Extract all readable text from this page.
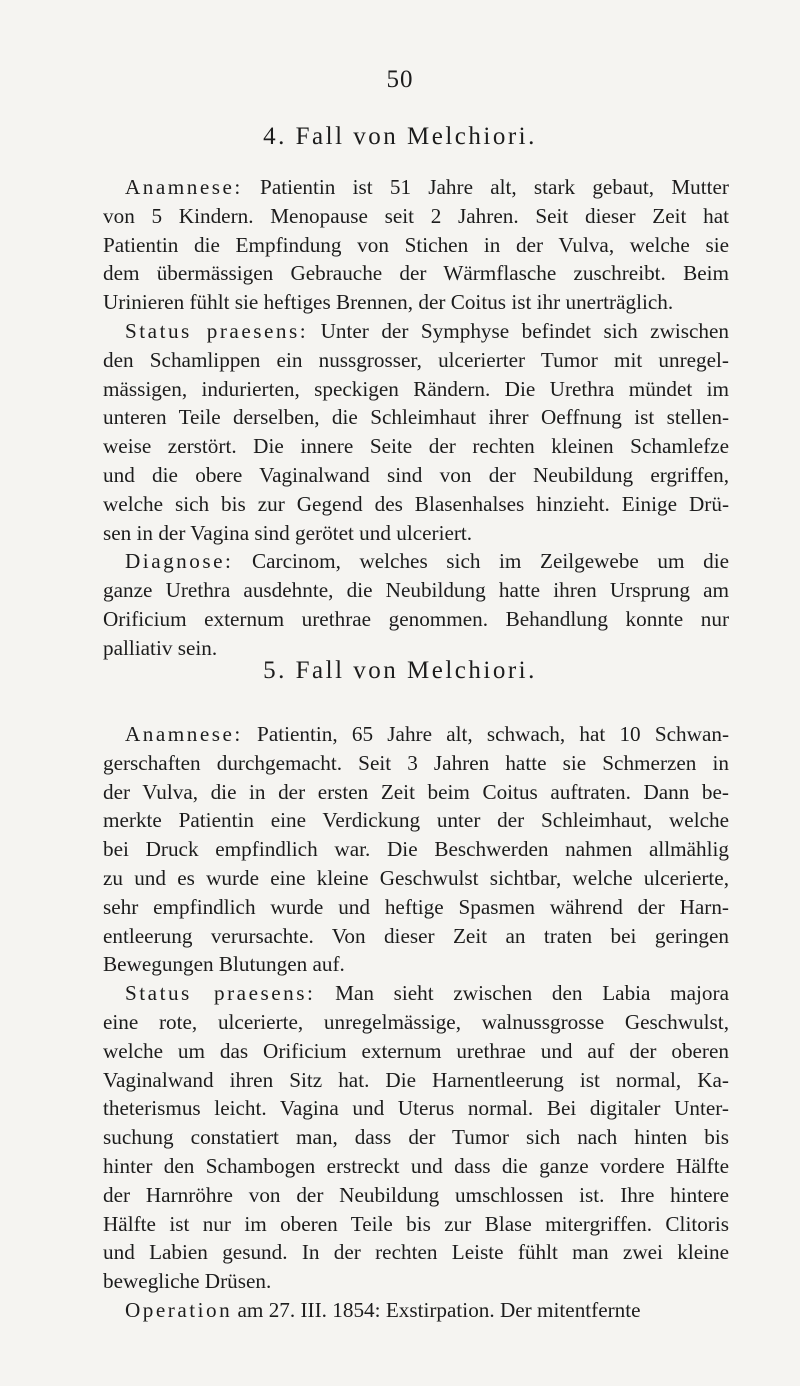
50
4. Fall von Melchiori.
Anamnese: Patientin ist 51 Jahre alt, stark gebaut, Mutter
von 5 Kindern. Menopause seit 2 Jahren. Seit dieser Zeit hat
Patientin die Empfindung von Stichen in der Vulva, welche sie
dem übermässigen Gebrauche der Wärmflasche zuschreibt. Beim
Urinieren fühlt sie heftiges Brennen, der Coitus ist ihr unerträglich.
Status praesens: Unter der Symphyse befindet sich zwischen
den Schamlippen ein nussgrosser, ulcerierter Tumor mit unregel-
mässigen, indurierten, speckigen Rändern. Die Urethra mündet im
unteren Teile derselben, die Schleimhaut ihrer Oeffnung ist stellen-
weise zerstört. Die innere Seite der rechten kleinen Schamlefze
und die obere Vaginalwand sind von der Neubildung ergriffen,
welche sich bis zur Gegend des Blasenhalses hinzieht. Einige Drü-
sen in der Vagina sind gerötet und ulceriert.
Diagnose: Carcinom, welches sich im Zeilgewebe um die
ganze Urethra ausdehnte, die Neubildung hatte ihren Ursprung am
Orificium externum urethrae genommen. Behandlung konnte nur
palliativ sein.
5. Fall von Melchiori.
Anamnese: Patientin, 65 Jahre alt, schwach, hat 10 Schwan-
gerschaften durchgemacht. Seit 3 Jahren hatte sie Schmerzen in
der Vulva, die in der ersten Zeit beim Coitus auftraten. Dann be-
merkte Patientin eine Verdickung unter der Schleimhaut, welche
bei Druck empfindlich war. Die Beschwerden nahmen allmählig
zu und es wurde eine kleine Geschwulst sichtbar, welche ulcerierte,
sehr empfindlich wurde und heftige Spasmen während der Harn-
entleerung verursachte. Von dieser Zeit an traten bei geringen
Bewegungen Blutungen auf.
Status praesens: Man sieht zwischen den Labia majora
eine rote, ulcerierte, unregelmässige, walnussgrosse Geschwulst,
welche um das Orificium externum urethrae und auf der oberen
Vaginalwand ihren Sitz hat. Die Harnentleerung ist normal, Ka-
theterismus leicht. Vagina und Uterus normal. Bei digitaler Unter-
suchung constatiert man, dass der Tumor sich nach hinten bis
hinter den Schambogen erstreckt und dass die ganze vordere Hälfte
der Harnröhre von der Neubildung umschlossen ist. Ihre hintere
Hälfte ist nur im oberen Teile bis zur Blase mitergriffen. Clitoris
und Labien gesund. In der rechten Leiste fühlt man zwei kleine
bewegliche Drüsen.
Operation am 27. III. 1854: Exstirpation. Der mitentfernte
